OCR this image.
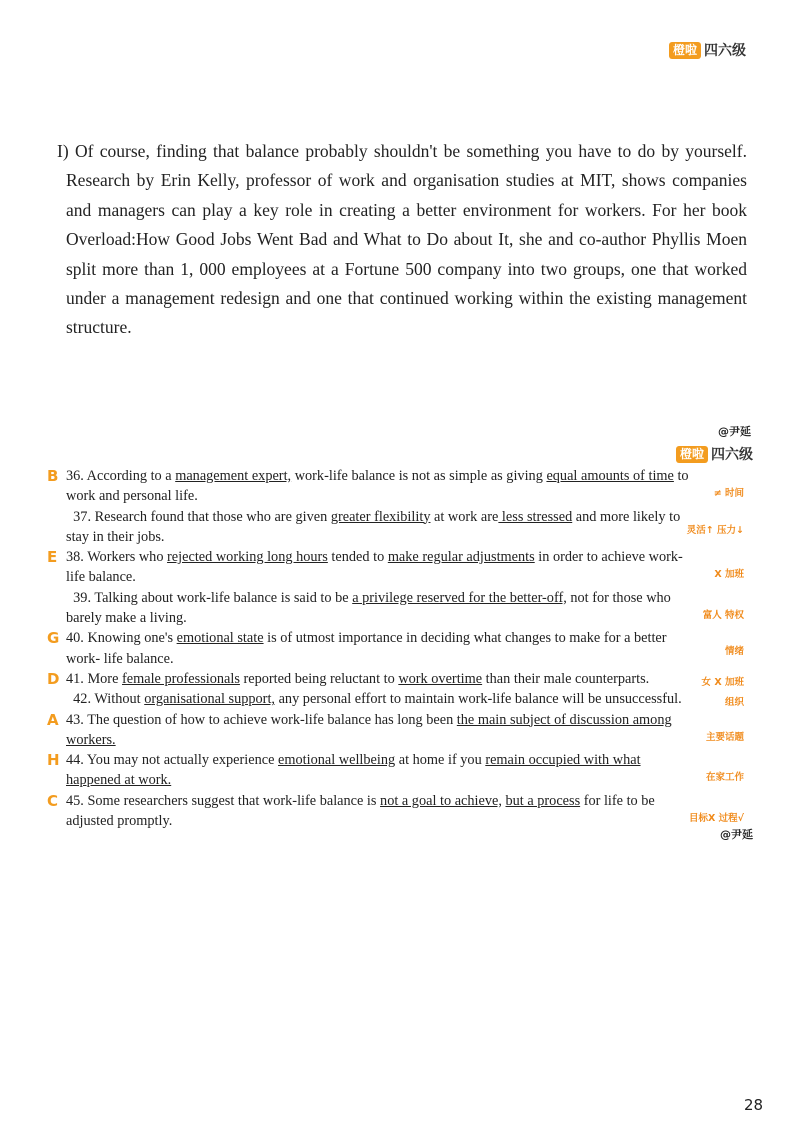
橙啦 四六级

I) Of course, finding that balance probably shouldn't be something you have to do by yourself. Research by Erin Kelly, professor of work and organisation studies at MIT, shows companies and managers can play a key role in creating a better environment for workers. For her book Overload:How Good Jobs Went Bad and What to Do about It, she and co-author Phyllis Moen split more than 1, 000 employees at a Fortune 500 company into two groups, one that worked under a management redesign and one that continued working within the existing management structure.

@尹延
橙啦 四六级
B 36. According to a management expert, work-life balance is not as simple as giving equal amounts of time to
work and personal life.	≠ 时间
37. Research found that those who are given greater flexibility at work are less stressed and more likely to
stay in their jobs.	灵活↑ 压力↓
E 38. Workers who rejected working long hours tended to make regular adjustments in order to achieve work-
life balance.	X 加班
39. Talking about work-life balance is said to be a privilege reserved for the better-off, not for those who
barely make a living.	富人 特权
G 40. Knowing one's emotional state is of utmost importance in deciding what changes to make for a better
work- life balance.	情绪
D 41. More female professionals reported being reluctant to work overtime than their male counterparts.	女 X 加班
42. Without organisational support, any personal effort to maintain work-life balance will be unsuccessful.	组织
A 43. The question of how to achieve work-life balance has long been the main subject of discussion among
workers.	主要话题
H 44. You may not actually experience emotional wellbeing at home if you remain occupied with what
happened at work.	在家工作
C 45. Some researchers suggest that work-life balance is not a goal to achieve, but a process for life to be
adjusted promptly.	目标X 过程√
@尹延
28
